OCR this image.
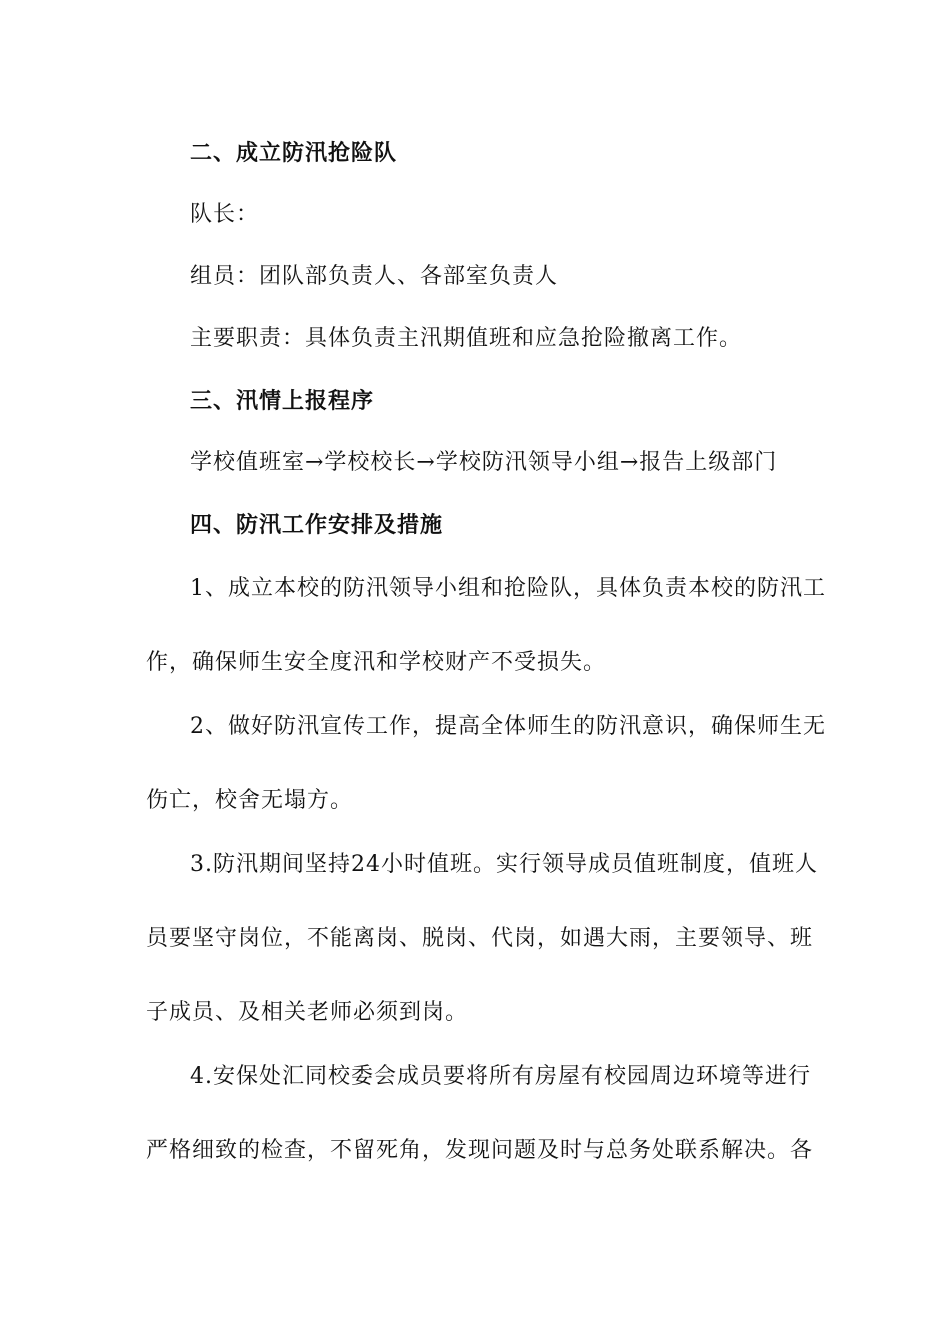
二、成立防汛抢险队
队长：
组员：团队部负责人、各部室负责人
主要职责：具体负责主汛期值班和应急抢险撤离工作。
三、汛情上报程序
学校值班室→学校校长→学校防汛领导小组→报告上级部门
四、防汛工作安排及措施
1、成立本校的防汛领导小组和抢险队，具体负责本校的防汛工
作，确保师生安全度汛和学校财产不受损失。
2、做好防汛宣传工作，提高全体师生的防汛意识，确保师生无
伤亡，校舍无塌方。
3.防汛期间坚持24小时值班。实行领导成员值班制度，值班人
员要坚守岗位，不能离岗、脱岗、代岗，如遇大雨，主要领导、班
子成员、及相关老师必须到岗。
4.安保处汇同校委会成员要将所有房屋有校园周边环境等进行
严格细致的检查，不留死角，发现问题及时与总务处联系解决。各
